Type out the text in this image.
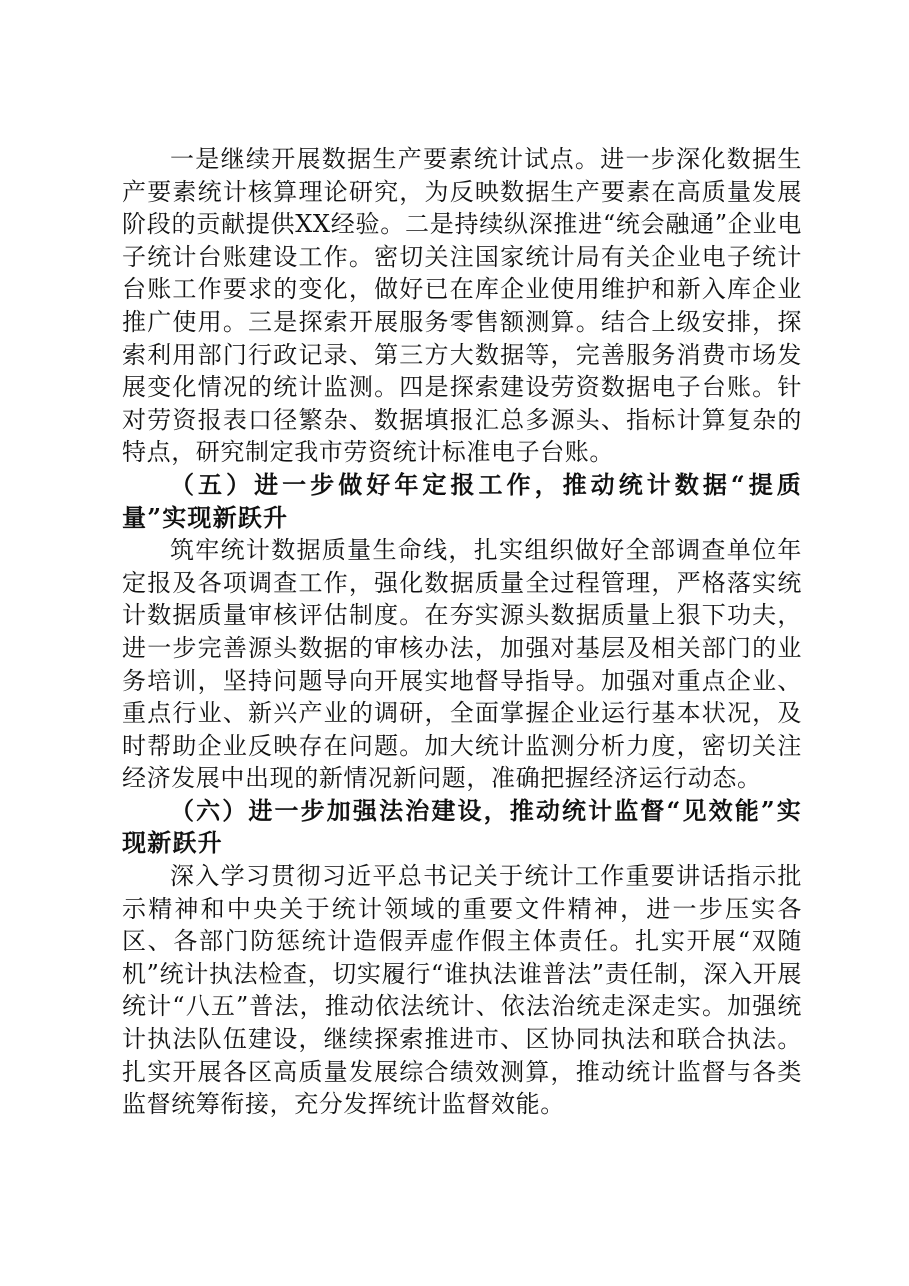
一是继续开展数据生产要素统计试点。进一步深化数据生产要素统计核算理论研究，为反映数据生产要素在高质量发展阶段的贡献提供XX经验。二是持续纵深推进“统会融通”企业电子统计台账建设工作。密切关注国家统计局有关企业电子统计台账工作要求的变化，做好已在库企业使用维护和新入库企业推广使用。三是探索开展服务零售额测算。结合上级安排，探索利用部门行政记录、第三方大数据等，完善服务消费市场发展变化情况的统计监测。四是探索建设劳资数据电子台账。针对劳资报表口径繁杂、数据填报汇总多源头、指标计算复杂的特点，研究制定我市劳资统计标准电子台账。

（五）进一步做好年定报工作，推动统计数据“提质量”实现新跃升

筑牢统计数据质量生命线，扎实组织做好全部调查单位年定报及各项调查工作，强化数据质量全过程管理，严格落实统计数据质量审核评估制度。在夯实源头数据质量上狠下功夫，进一步完善源头数据的审核办法，加强对基层及相关部门的业务培训，坚持问题导向开展实地督导指导。加强对重点企业、重点行业、新兴产业的调研，全面掌握企业运行基本状况，及时帮助企业反映存在问题。加大统计监测分析力度，密切关注经济发展中出现的新情况新问题，准确把握经济运行动态。

（六）进一步加强法治建设，推动统计监督“见效能”实现新跃升

深入学习贯彻习近平总书记关于统计工作重要讲话指示批示精神和中央关于统计领域的重要文件精神，进一步压实各区、各部门防惩统计造假弄虚作假主体责任。扎实开展“双随机”统计执法检查，切实履行“谁执法谁普法”责任制，深入开展统计“八五”普法，推动依法统计、依法治统走深走实。加强统计执法队伍建设，继续探索推进市、区协同执法和联合执法。扎实开展各区高质量发展综合绩效测算，推动统计监督与各类监督统筹衔接，充分发挥统计监督效能。
